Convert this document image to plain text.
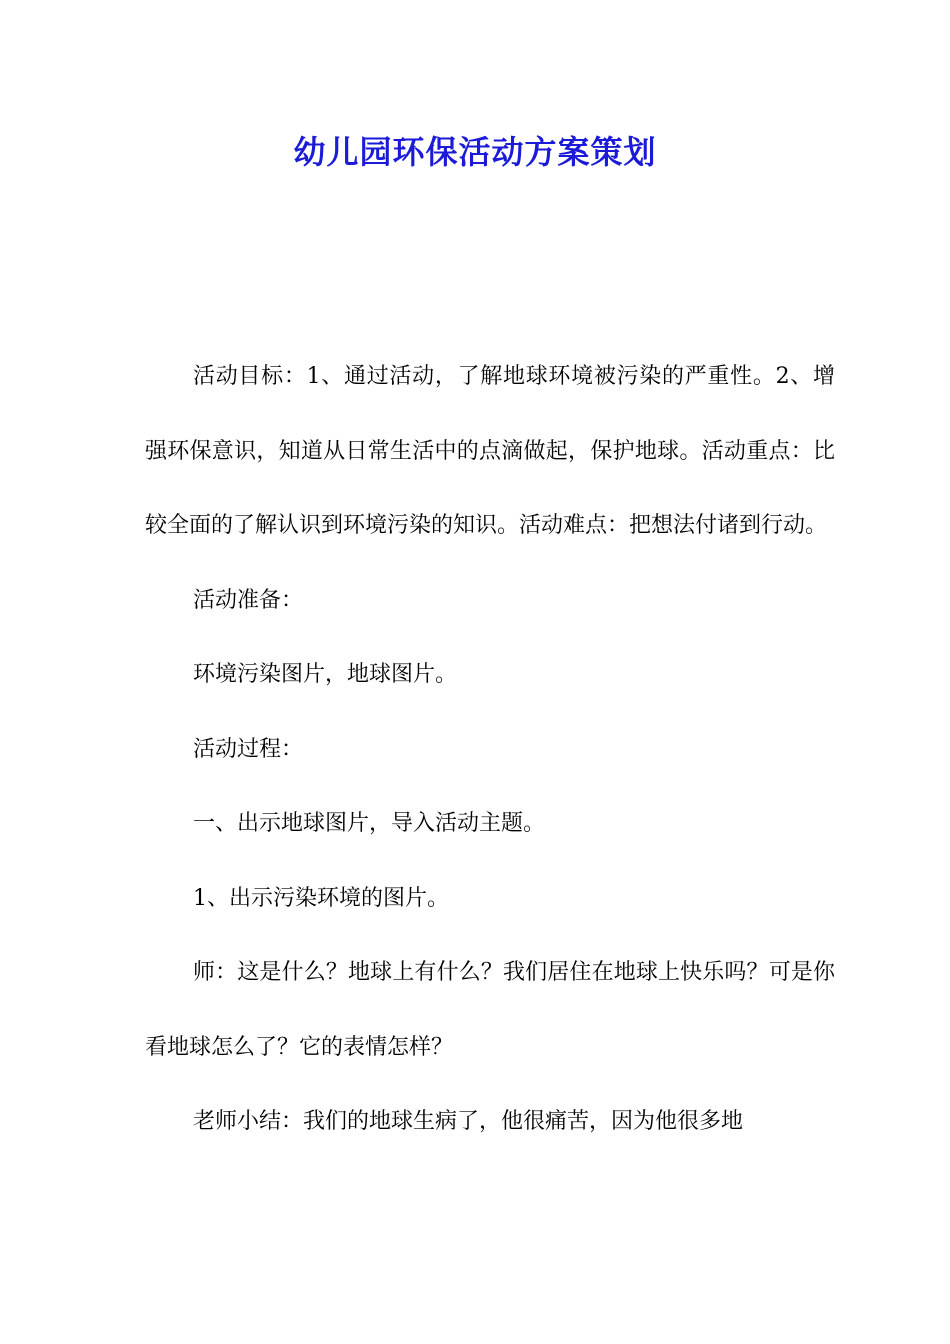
幼儿园环保活动方案策划

活动目标：1、通过活动，了解地球环境被污染的严重性。2、增强环保意识，知道从日常生活中的点滴做起，保护地球。活动重点：比较全面的了解认识到环境污染的知识。活动难点：把想法付诸到行动。

活动准备：

环境污染图片，地球图片。

活动过程：

一、出示地球图片，导入活动主题。

1、出示污染环境的图片。

师：这是什么？地球上有什么？我们居住在地球上快乐吗？可是你看地球怎么了？它的表情怎样？

老师小结：我们的地球生病了，他很痛苦，因为他很多地
